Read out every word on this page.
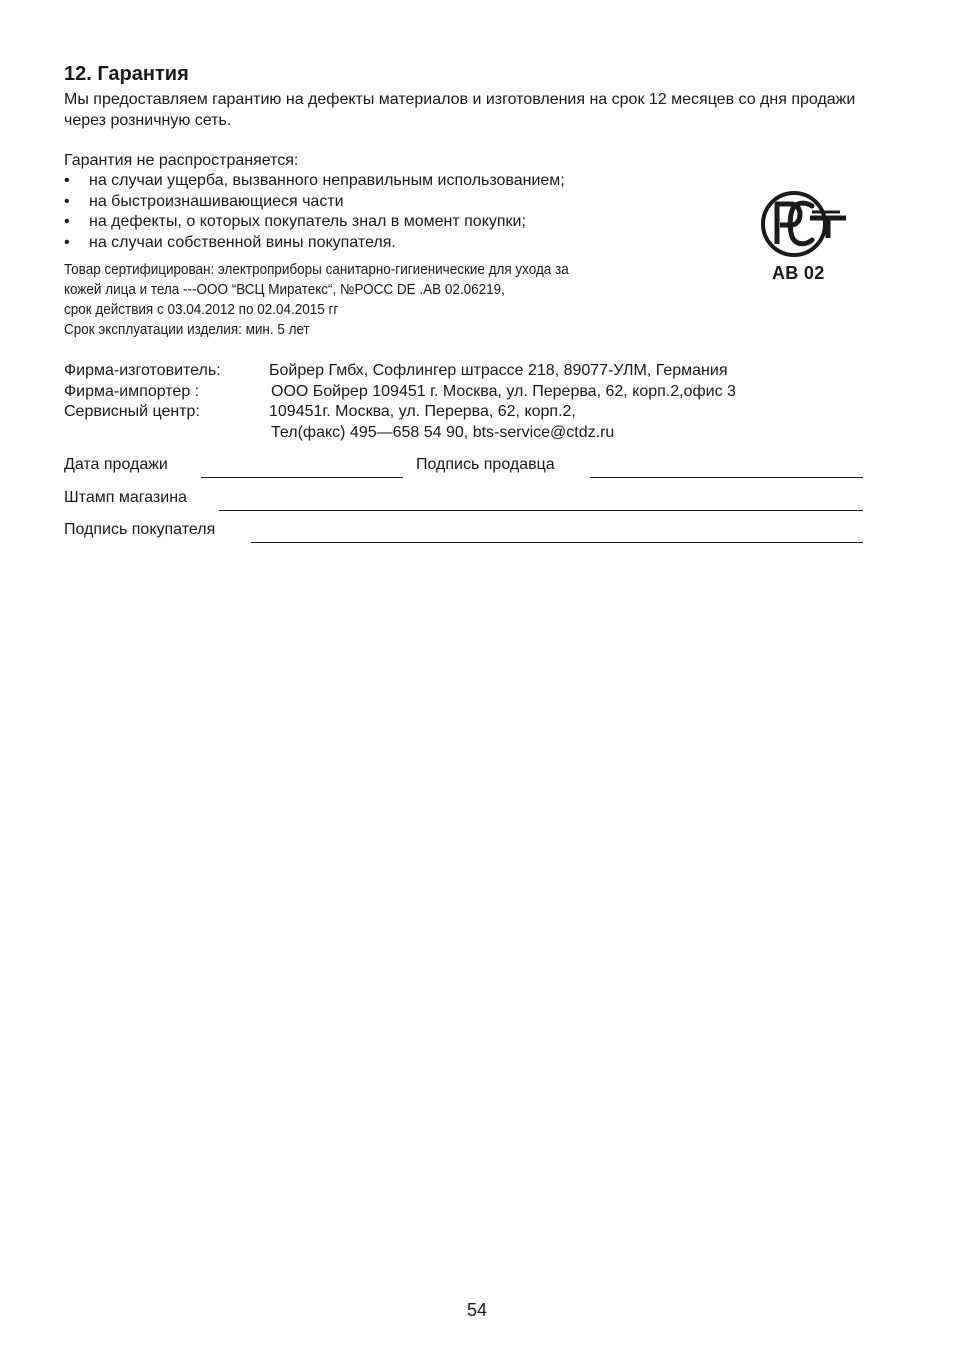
12. Гарантия
Мы предоставляем гарантию на дефекты материалов и изготовления на срок 12 месяцев со дня продажи через розничную сеть.
Гарантия не распространяется:
• на случаи ущерба, вызванного неправильным использованием;
• на быстроизнашивающиеся части
• на дефекты, о которых покупатель знал в момент покупки;
• на случаи собственной вины покупателя.
Товар сертифицирован: электроприборы санитарно-гигиенические для ухода за
кожей лица и тела ---ООО “ВСЦ Миратекс“, №РОСС DE .АВ 02.06219,
срок действия с 03.04.2012 по 02.04.2015 гг
Срок эксплуатации изделия: мин. 5 лет
АВ 02
Фирма-изготовитель:	Бойрер Гмбх, Софлингер штрассе 218, 89077-УЛМ, Германия
Фирма-импортер :	ООО Бойрер 109451 г. Москва, ул. Перерва, 62, корп.2,офис 3
Сервисный центр:	109451г. Москва, ул. Перерва, 62, корп.2,
Тел(факс) 495—658 54 90, bts-service@ctdz.ru
Дата продажи	Подпись продавца
Штамп магазина
Подпись покупателя
54
